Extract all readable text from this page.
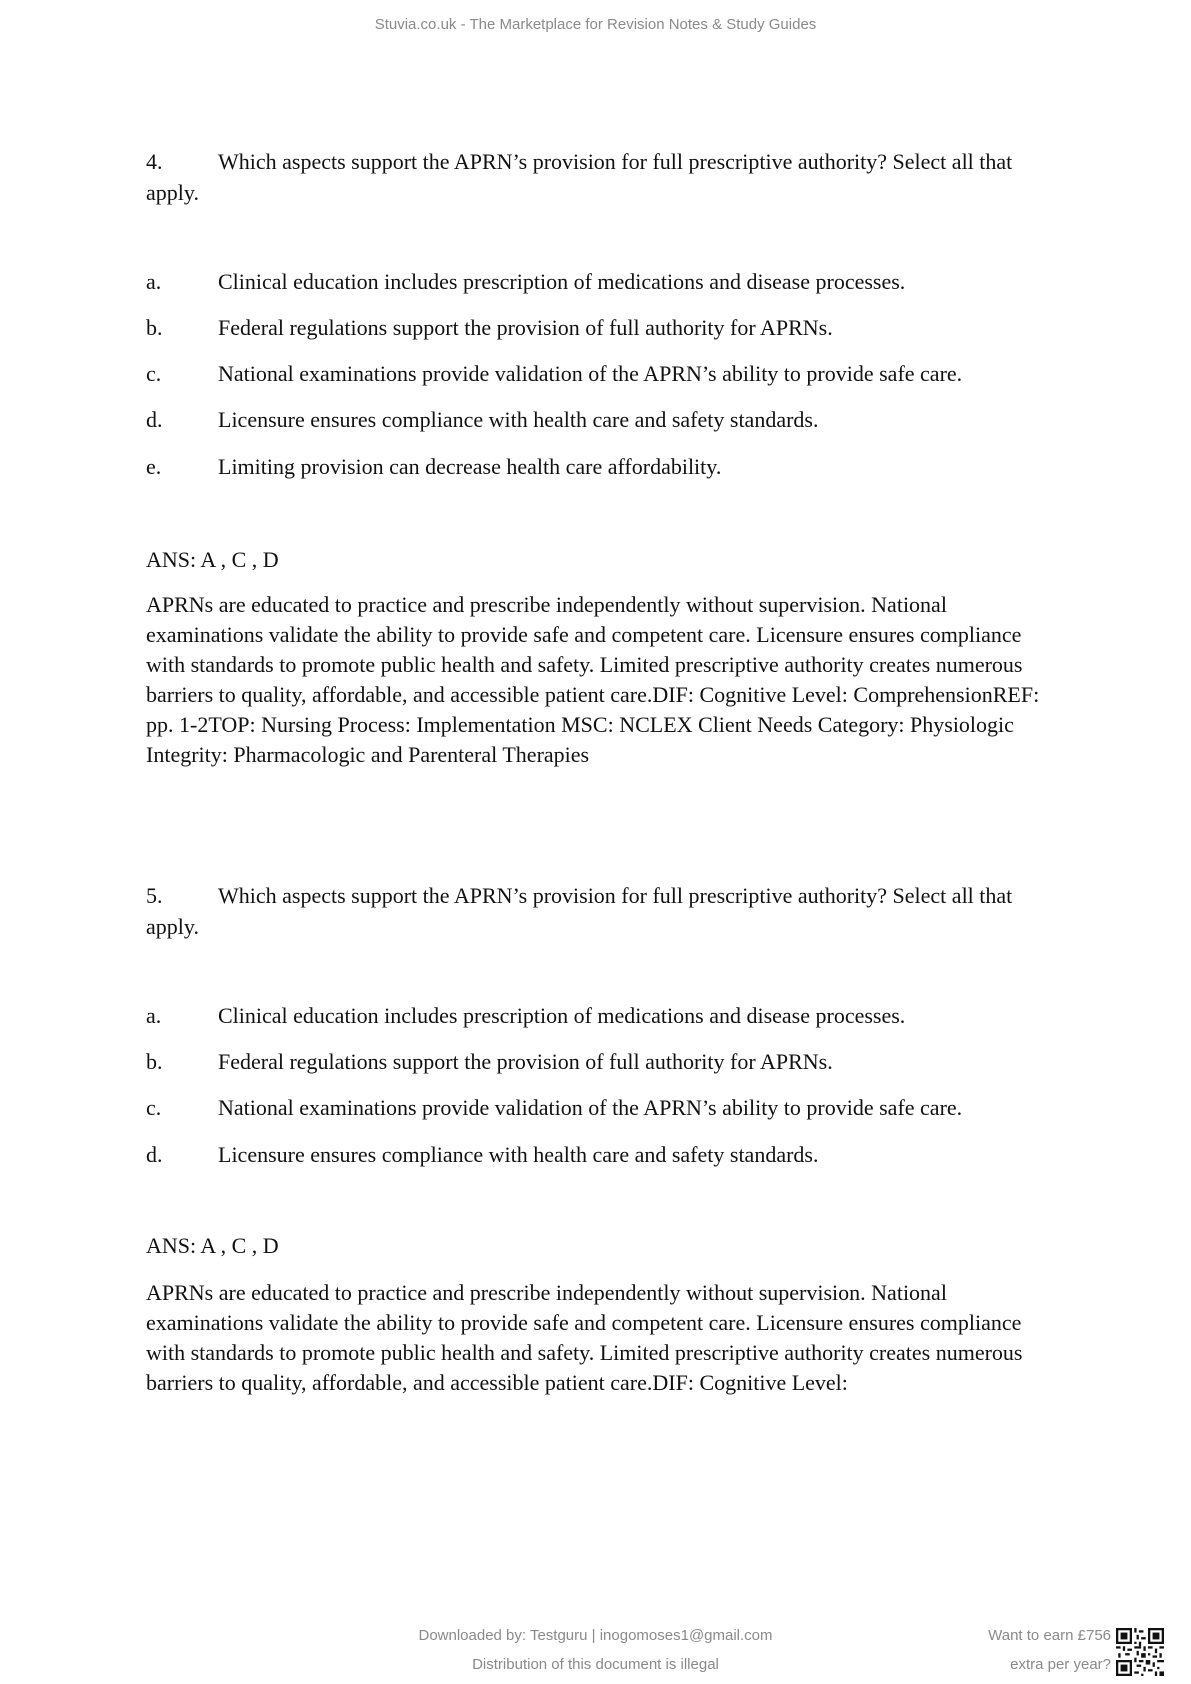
Stuvia.co.uk - The Marketplace for Revision Notes & Study Guides

4.	Which aspects support the APRN’s provision for full prescriptive authority? Select all that apply.

a.	Clinical education includes prescription of medications and disease processes.

b.	Federal regulations support the provision of full authority for APRNs.

c.	National examinations provide validation of the APRN’s ability to provide safe care.

d.	Licensure ensures compliance with health care and safety standards.

e.	Limiting provision can decrease health care affordability.

ANS: A , C , D

APRNs are educated to practice and prescribe independently without supervision. National examinations validate the ability to provide safe and competent care. Licensure ensures compliance with standards to promote public health and safety. Limited prescriptive authority creates numerous barriers to quality, affordable, and accessible patient care.DIF: Cognitive Level: ComprehensionREF: pp. 1-2TOP: Nursing Process: Implementation MSC: NCLEX Client Needs Category: Physiologic Integrity: Pharmacologic and Parenteral Therapies

5.	Which aspects support the APRN’s provision for full prescriptive authority? Select all that apply.

a.	Clinical education includes prescription of medications and disease processes.

b.	Federal regulations support the provision of full authority for APRNs.

c.	National examinations provide validation of the APRN’s ability to provide safe care.

d.	Licensure ensures compliance with health care and safety standards.

ANS: A , C , D

APRNs are educated to practice and prescribe independently without supervision. National examinations validate the ability to provide safe and competent care. Licensure ensures compliance with standards to promote public health and safety. Limited prescriptive authority creates numerous barriers to quality, affordable, and accessible patient care.DIF: Cognitive Level:

Downloaded by: Testguru | inogomoses1@gmail.com

Distribution of this document is illegal

Want to earn £756

extra per year?
